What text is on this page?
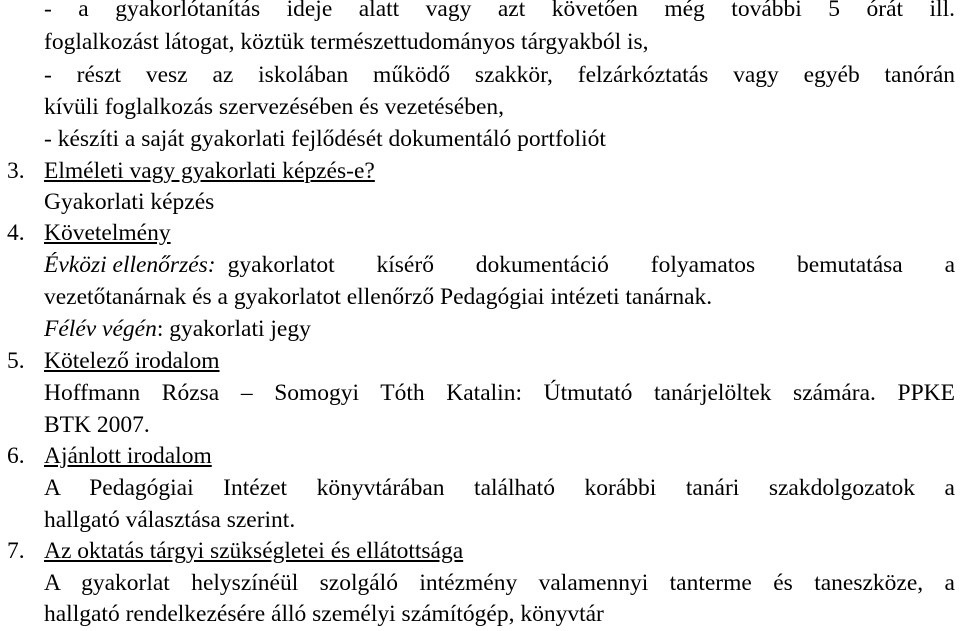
- a gyakorlótanítás ideje alatt vagy azt követően még további 5 órát ill.
foglalkozást látogat, köztük természettudományos tárgyakból is,
- részt vesz az iskolában működő szakkör, felzárkóztatás vagy egyéb tanórán
kívüli foglalkozás szervezésében és vezetésében,
- készíti a saját gyakorlati fejlődését dokumentáló portfoliót
3. Elméleti vagy gyakorlati képzés-e?
Gyakorlati képzés
4. Követelmény
Évközi ellenőrzés: gyakorlatot kísérő dokumentáció folyamatos bemutatása a
vezetőtanárnak és a gyakorlatot ellenőrző Pedagógiai intézeti tanárnak.
Félév végén: gyakorlati jegy
5. Kötelező irodalom
Hoffmann Rózsa – Somogyi Tóth Katalin: Útmutató tanárjelöltek számára. PPKE
BTK 2007.
6. Ajánlott irodalom
A Pedagógiai Intézet könyvtárában található korábbi tanári szakdolgozatok a
hallgató választása szerint.
7. Az oktatás tárgyi szükségletei és ellátottsága
A gyakorlat helyszínéül szolgáló intézmény valamennyi tanterme és taneszköze, a
hallgató rendelkezésére álló személyi számítógép, könyvtár
